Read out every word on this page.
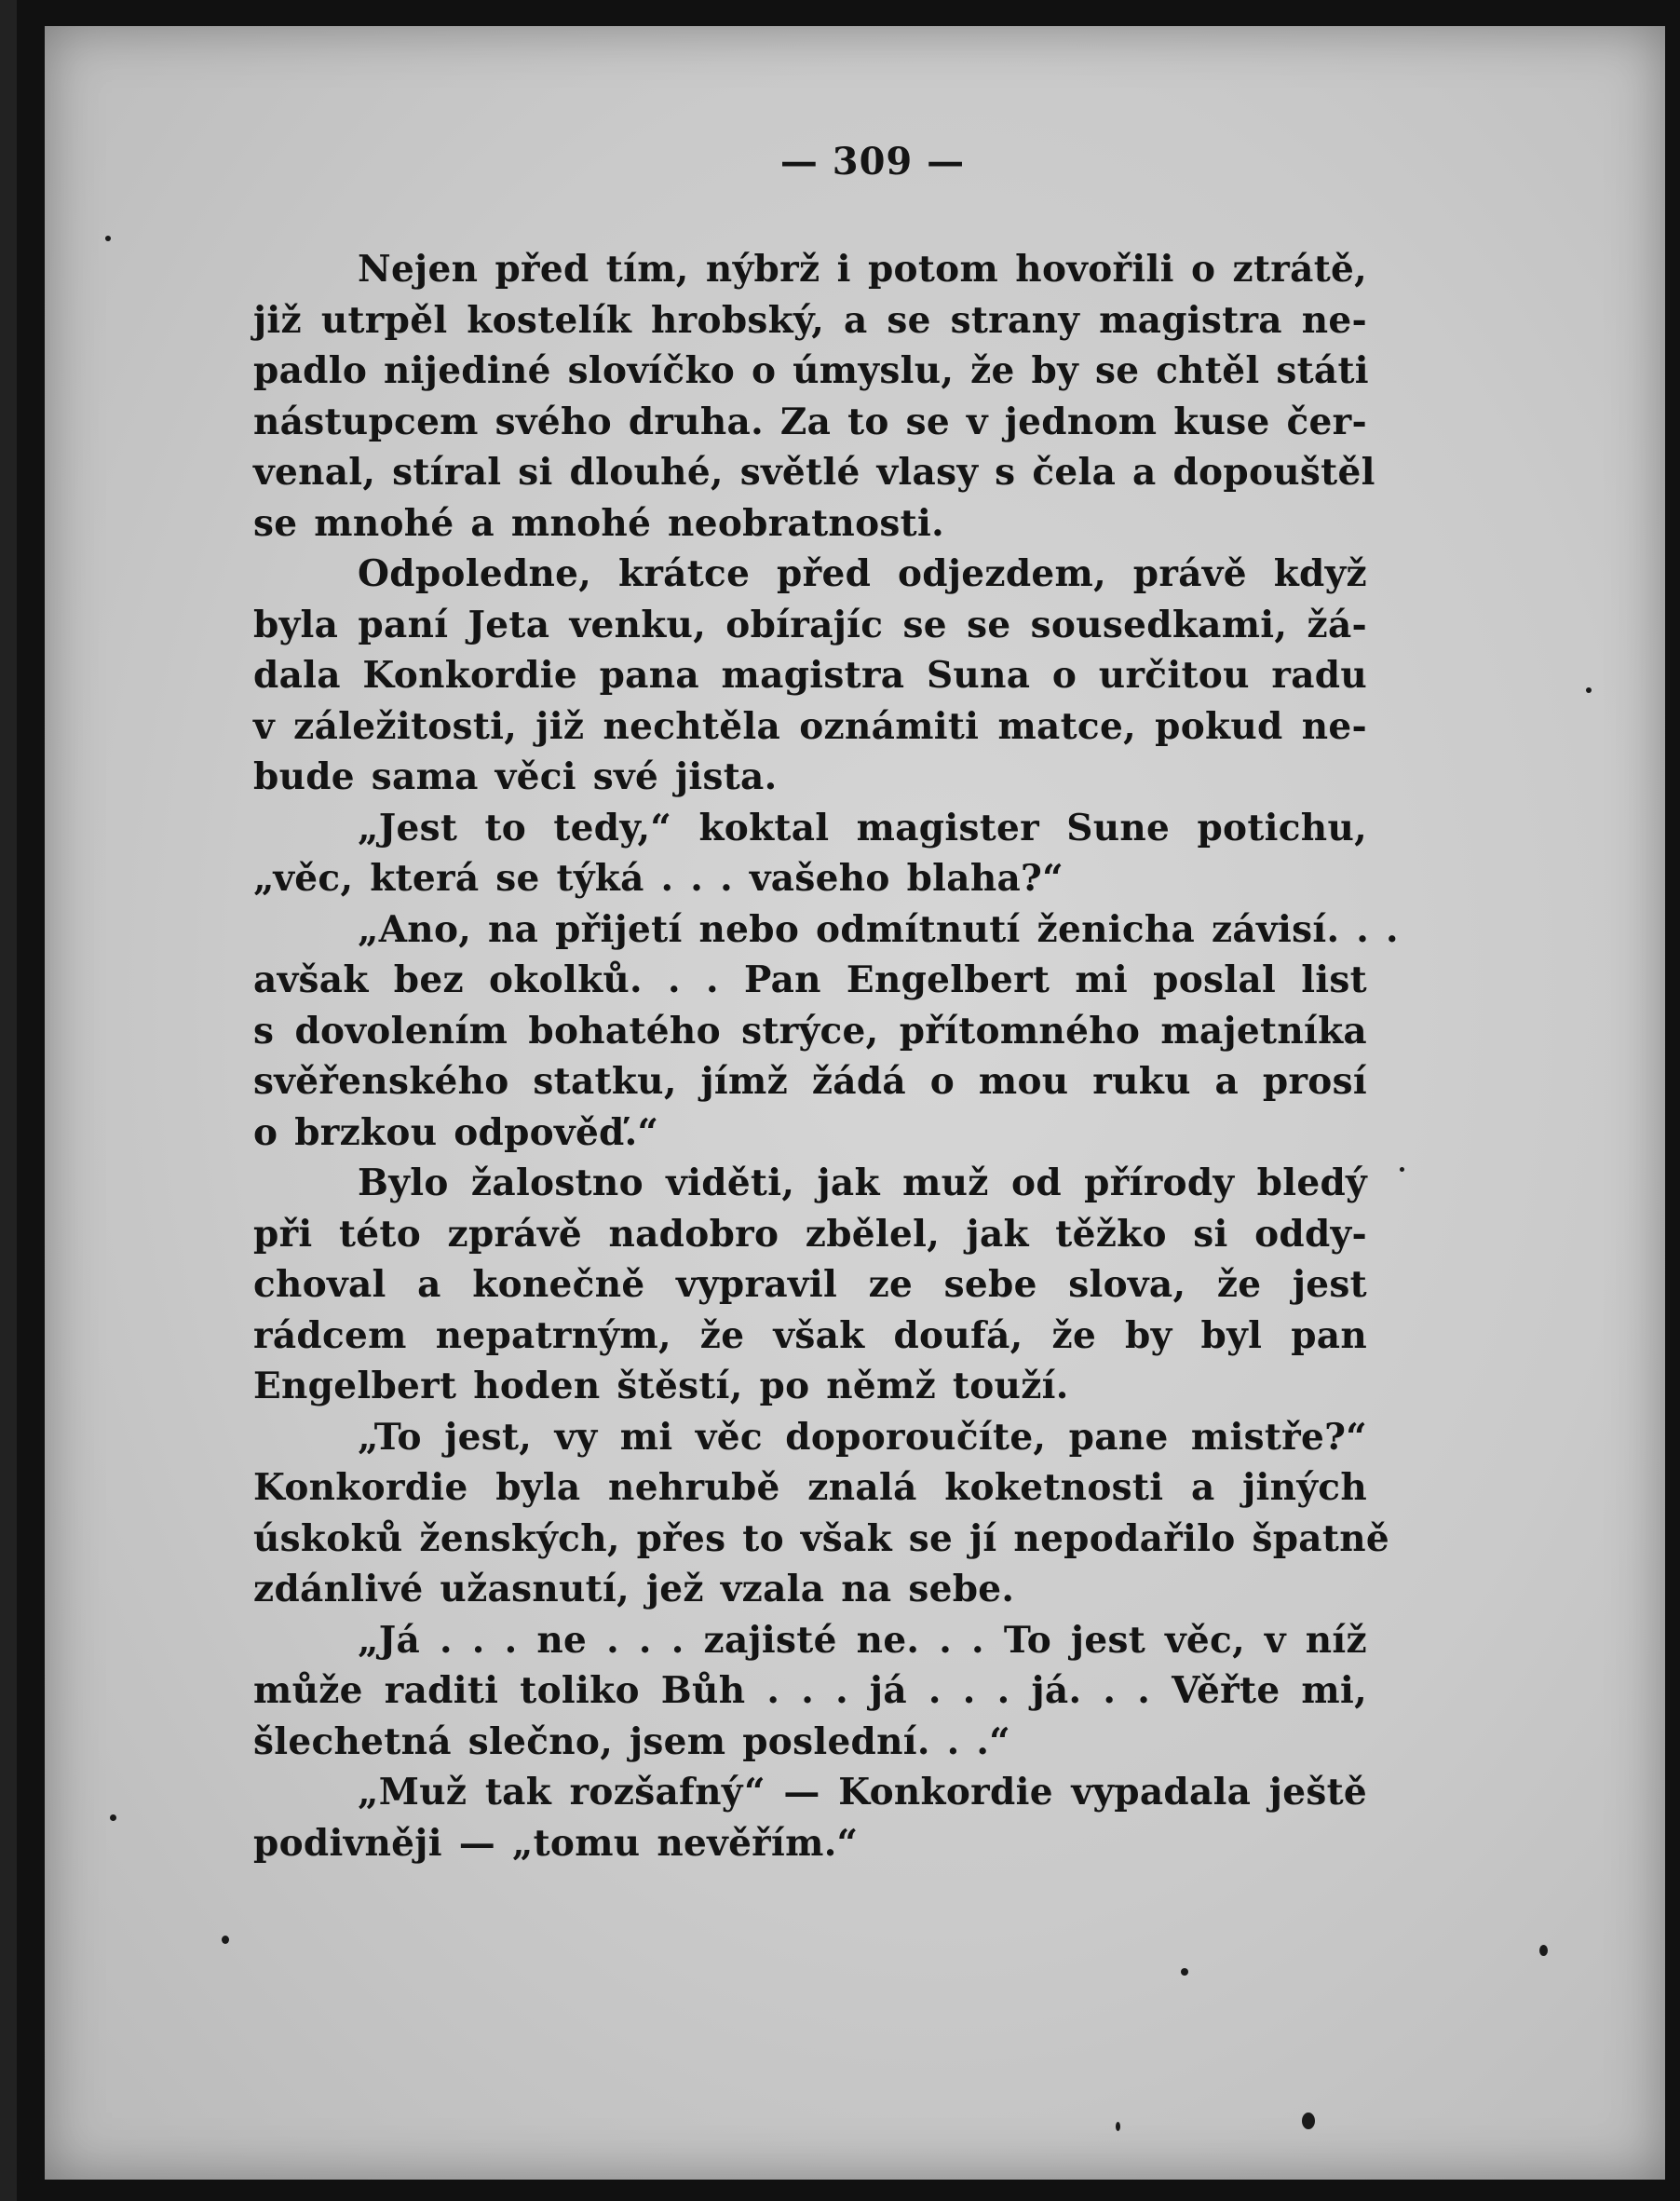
— 309 —
Nejen před tím, nýbrž i potom hovořili o ztrátě,
již utrpěl kostelík hrobský, a se strany magistra ne-
padlo nijediné slovíčko o úmyslu, že by se chtěl státi
nástupcem svého druha. Za to se v jednom kuse čer-
venal, stíral si dlouhé, světlé vlasy s čela a dopouštěl
se mnohé a mnohé neobratnosti.
Odpoledne, krátce před odjezdem, právě když
byla paní Jeta venku, obírajíc se se sousedkami, žá-
dala Konkordie pana magistra Suna o určitou radu
v záležitosti, již nechtěla oznámiti matce, pokud ne-
bude sama věci své jista.
„Jest to tedy,“ koktal magister Sune potichu,
„věc, která se týká . . . vašeho blaha?“
„Ano, na přijetí nebo odmítnutí ženicha závisí. . .
avšak bez okolků. . . Pan Engelbert mi poslal list
s dovolením bohatého strýce, přítomného majetníka
svěřenského statku, jímž žádá o mou ruku a prosí
o brzkou odpověď.“
Bylo žalostno viděti, jak muž od přírody bledý
při této zprávě nadobro zbělel, jak těžko si oddy-
choval a konečně vypravil ze sebe slova, že jest
rádcem nepatrným, že však doufá, že by byl pan
Engelbert hoden štěstí, po němž touží.
„To jest, vy mi věc doporoučíte, pane mistře?“
Konkordie byla nehrubě znalá koketnosti a jiných
úskoků ženských, přes to však se jí nepodařilo špatně
zdánlivé užasnutí, jež vzala na sebe.
„Já . . . ne . . . zajisté ne. . . To jest věc, v níž
může raditi toliko Bůh . . . já . . . já. . . Věřte mi,
šlechetná slečno, jsem poslední. . .“
„Muž tak rozšafný“ — Konkordie vypadala ještě
podivněji — „tomu nevěřím.“
